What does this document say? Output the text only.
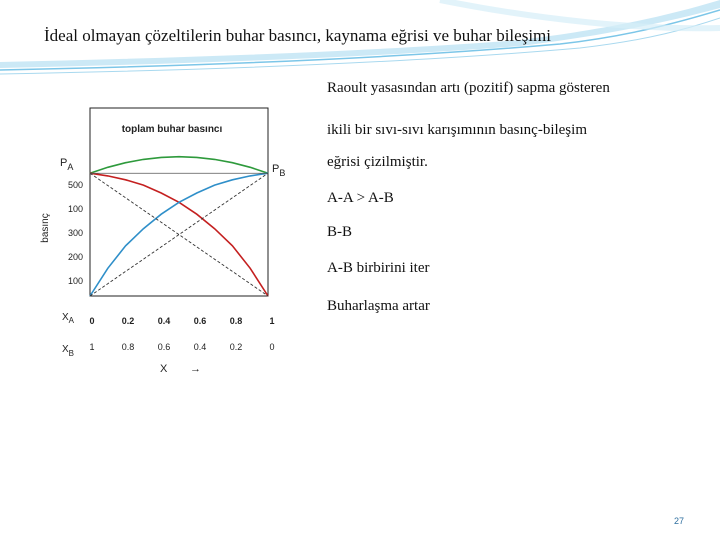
İdeal olmayan çözeltilerin buhar basıncı, kaynama eğrisi ve buhar bileşimi
toplam buhar basıncı
basınç
$P_A$	$P_B$
500
100
300
200
100
$X_A$ 0	0.2	0.4	0.6	0.8	1
$X_B$
1	0.8	0.6	0.4	0.2	0
X →
Raoult yasasından artı (pozitif) sapma gösteren
ikili bir sıvı-sıvı karışımının basınç-bileşim
eğrisi çizilmiştir.
A-A > A-B
B-B
A-B birbirini iter
Buharlaşma artar
27
